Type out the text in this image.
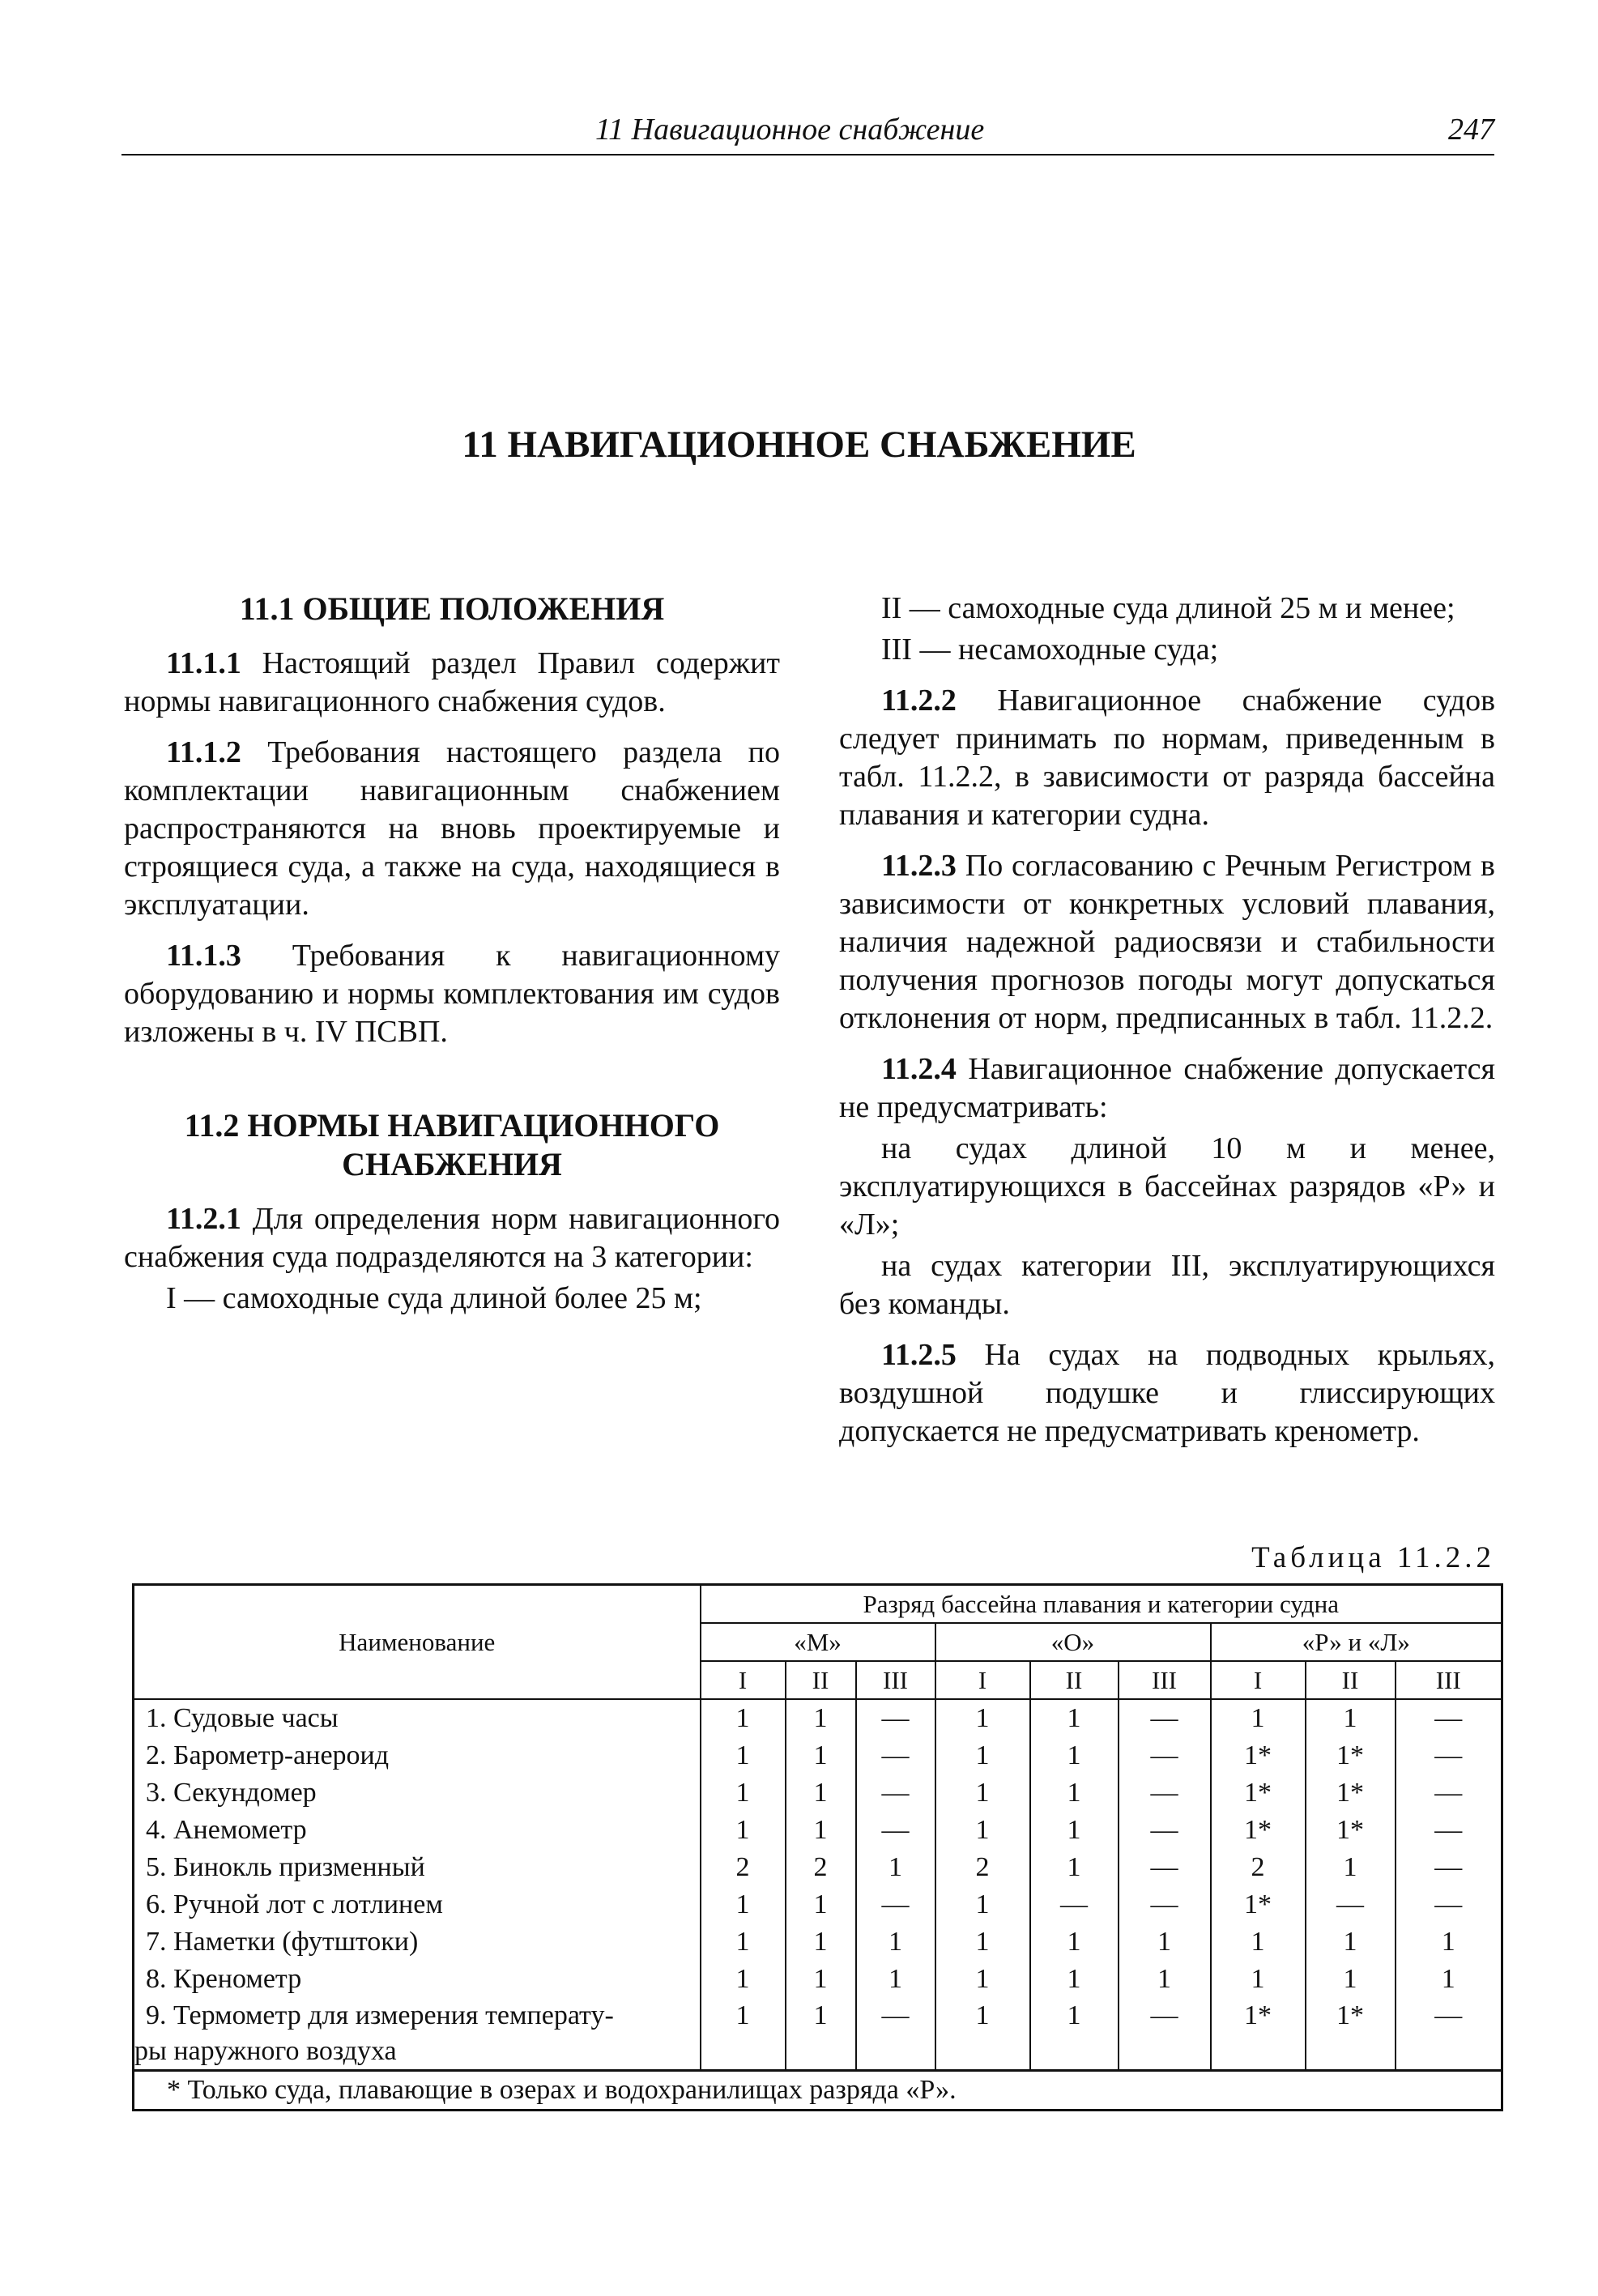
11 Навигационное снабжение	247
11 НАВИГАЦИОННОЕ СНАБЖЕНИЕ
11.1 ОБЩИЕ ПОЛОЖЕНИЯ

11.1.1 Настоящий раздел Правил содержит нормы навигационного снабжения судов.

11.1.2 Требования настоящего раздела по комплектации навигационным снабжением распространяются на вновь проектируемые и строящиеся суда, а также на суда, находящиеся в эксплуатации.

11.1.3 Требования к навигационному оборудованию и нормы комплектования им судов изложены в ч. IV ПСВП.

11.2 НОРМЫ НАВИГАЦИОННОГО СНАБЖЕНИЯ

11.2.1 Для определения норм навигационного снабжения суда подразделяются на 3 категории:

I — самоходные суда длиной более 25 м;

II — самоходные суда длиной 25 м и менее;

III — несамоходные суда;

11.2.2 Навигационное снабжение судов следует принимать по нормам, приведенным в табл. 11.2.2, в зависимости от разряда бассейна плавания и категории судна.

11.2.3 По согласованию с Речным Регистром в зависимости от конкретных условий плавания, наличия надежной радиосвязи и стабильности получения прогнозов погоды могут допускаться отклонения от норм, предписанных в табл. 11.2.2.

11.2.4 Навигационное снабжение допускается не предусматривать:

на судах длиной 10 м и менее, эксплуатирующихся в бассейнах разрядов «Р» и «Л»;

на судах категории III, эксплуатирующихся без команды.

11.2.5 На судах на подводных крыльях, воздушной подушке и глиссирующих допускается не предусматривать кренометр.

Таблица 11.2.2
Наименование	Разряд бассейна плавания и категории судна								
	«М»			«О»			«Р» и «Л»		
	I	II	III	I	II	III	I	II	III
1. Судовые часы	1	1	—	1	1	—	1	1	—
2. Барометр-анероид	1	1	—	1	1	—	1*	1*	—
3. Секундомер	1	1	—	1	1	—	1*	1*	—
4. Анемометр	1	1	—	1	1	—	1*	1*	—
5. Бинокль призменный	2	2	1	2	1	—	2	1	—
6. Ручной лот с лотлинем	1	1	—	1	—	—	1*	—	—
7. Наметки (футштоки)	1	1	1	1	1	1	1	1	1
8. Кренометр	1	1	1	1	1	1	1	1	1
9. Термометр для измерения температу-
ры наружного воздуха	1	1	—	1	1	—	1*	1*	—
* Только суда, плавающие в озерах и водохранилищах разряда «Р».									
